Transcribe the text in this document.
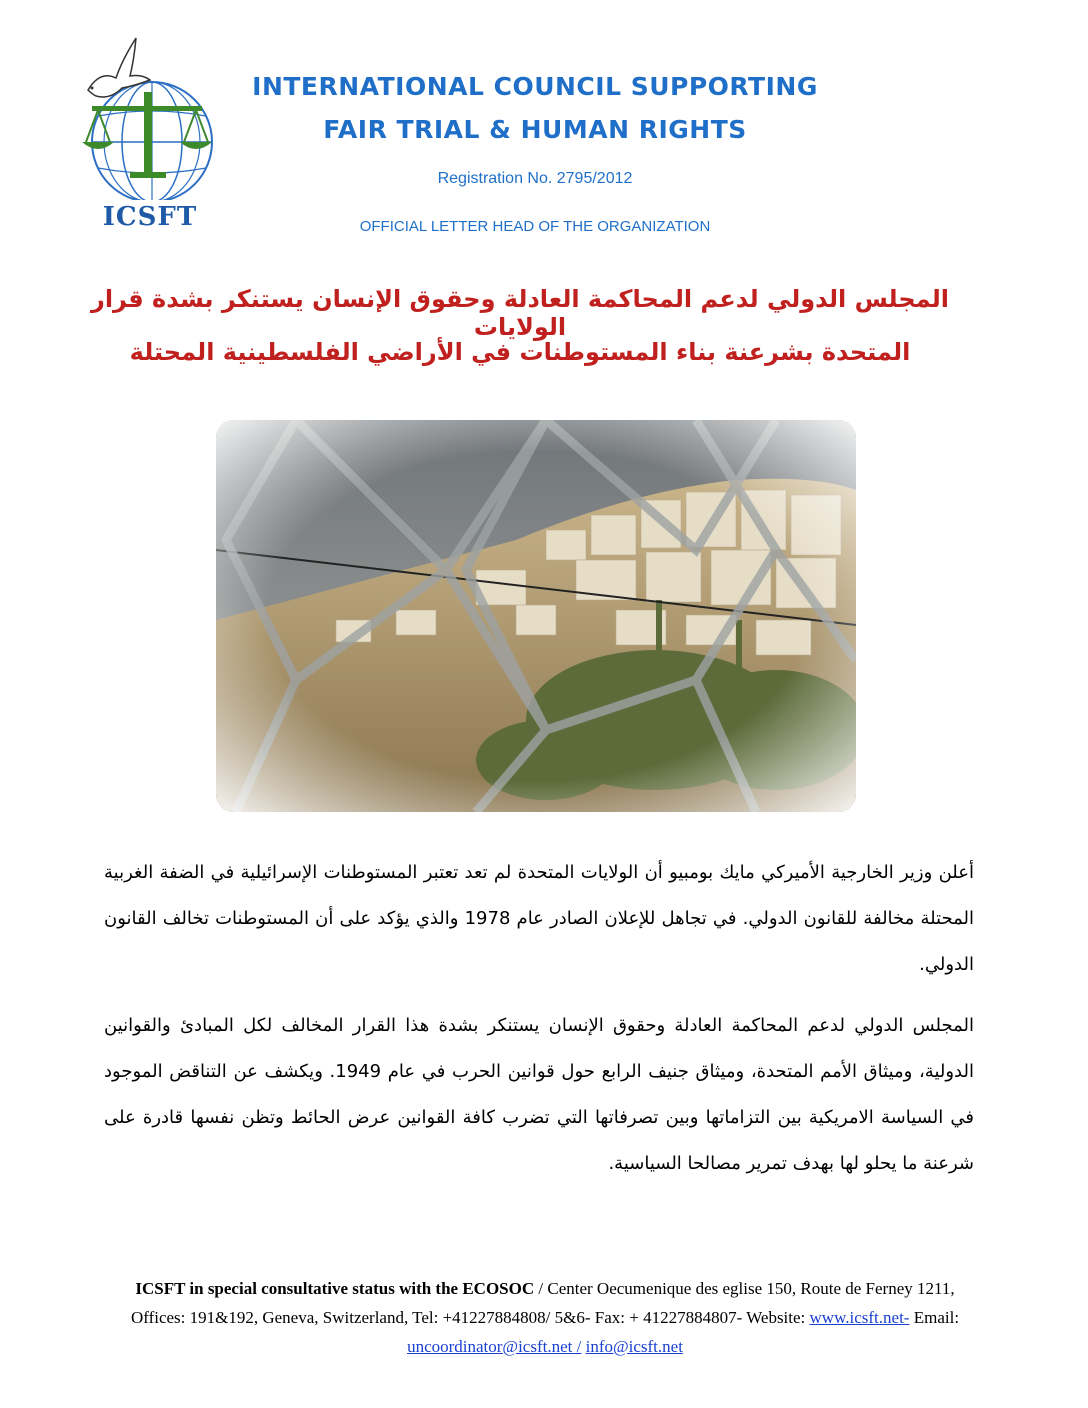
ICSFT
INTERNATIONAL COUNCIL SUPPORTING
FAIR TRIAL & HUMAN RIGHTS
Registration No. 2795/2012
OFFICIAL LETTER HEAD OF THE ORGANIZATION
المجلس الدولي لدعم المحاكمة العادلة وحقوق الإنسان يستنكر بشدة قرار الولايات
المتحدة بشرعنة بناء المستوطنات في الأراضي الفلسطينية المحتلة

أعلن وزير الخارجية الأميركي مايك بومبيو أن الولايات المتحدة لم تعد تعتبر المستوطنات الإسرائيلية في الضفة الغربية المحتلة مخالفة للقانون الدولي. في تجاهل للإعلان الصادر عام 1978 والذي يؤكد على أن المستوطنات تخالف القانون الدولي.

المجلس الدولي لدعم المحاكمة العادلة وحقوق الإنسان يستنكر بشدة هذا القرار المخالف لكل المبادئ والقوانين الدولية، وميثاق الأمم المتحدة، وميثاق جنيف الرابع حول قوانين الحرب في عام 1949. ويكشف عن التناقض الموجود في السياسة الامريكية بين التزاماتها وبين تصرفاتها التي تضرب كافة القوانين عرض الحائط وتظن نفسها قادرة على شرعنة ما يحلو لها بهدف تمرير مصالحا السياسية.

ICSFT in special consultative status with the ECOSOC / Center Oecumenique des eglise 150, Route de Ferney 1211, Offices: 191&192, Geneva, Switzerland, Tel: +41227884808/ 5&6- Fax: + 41227884807- Website: www.icsft.net- Email: uncoordinator@icsft.net / info@icsft.net
